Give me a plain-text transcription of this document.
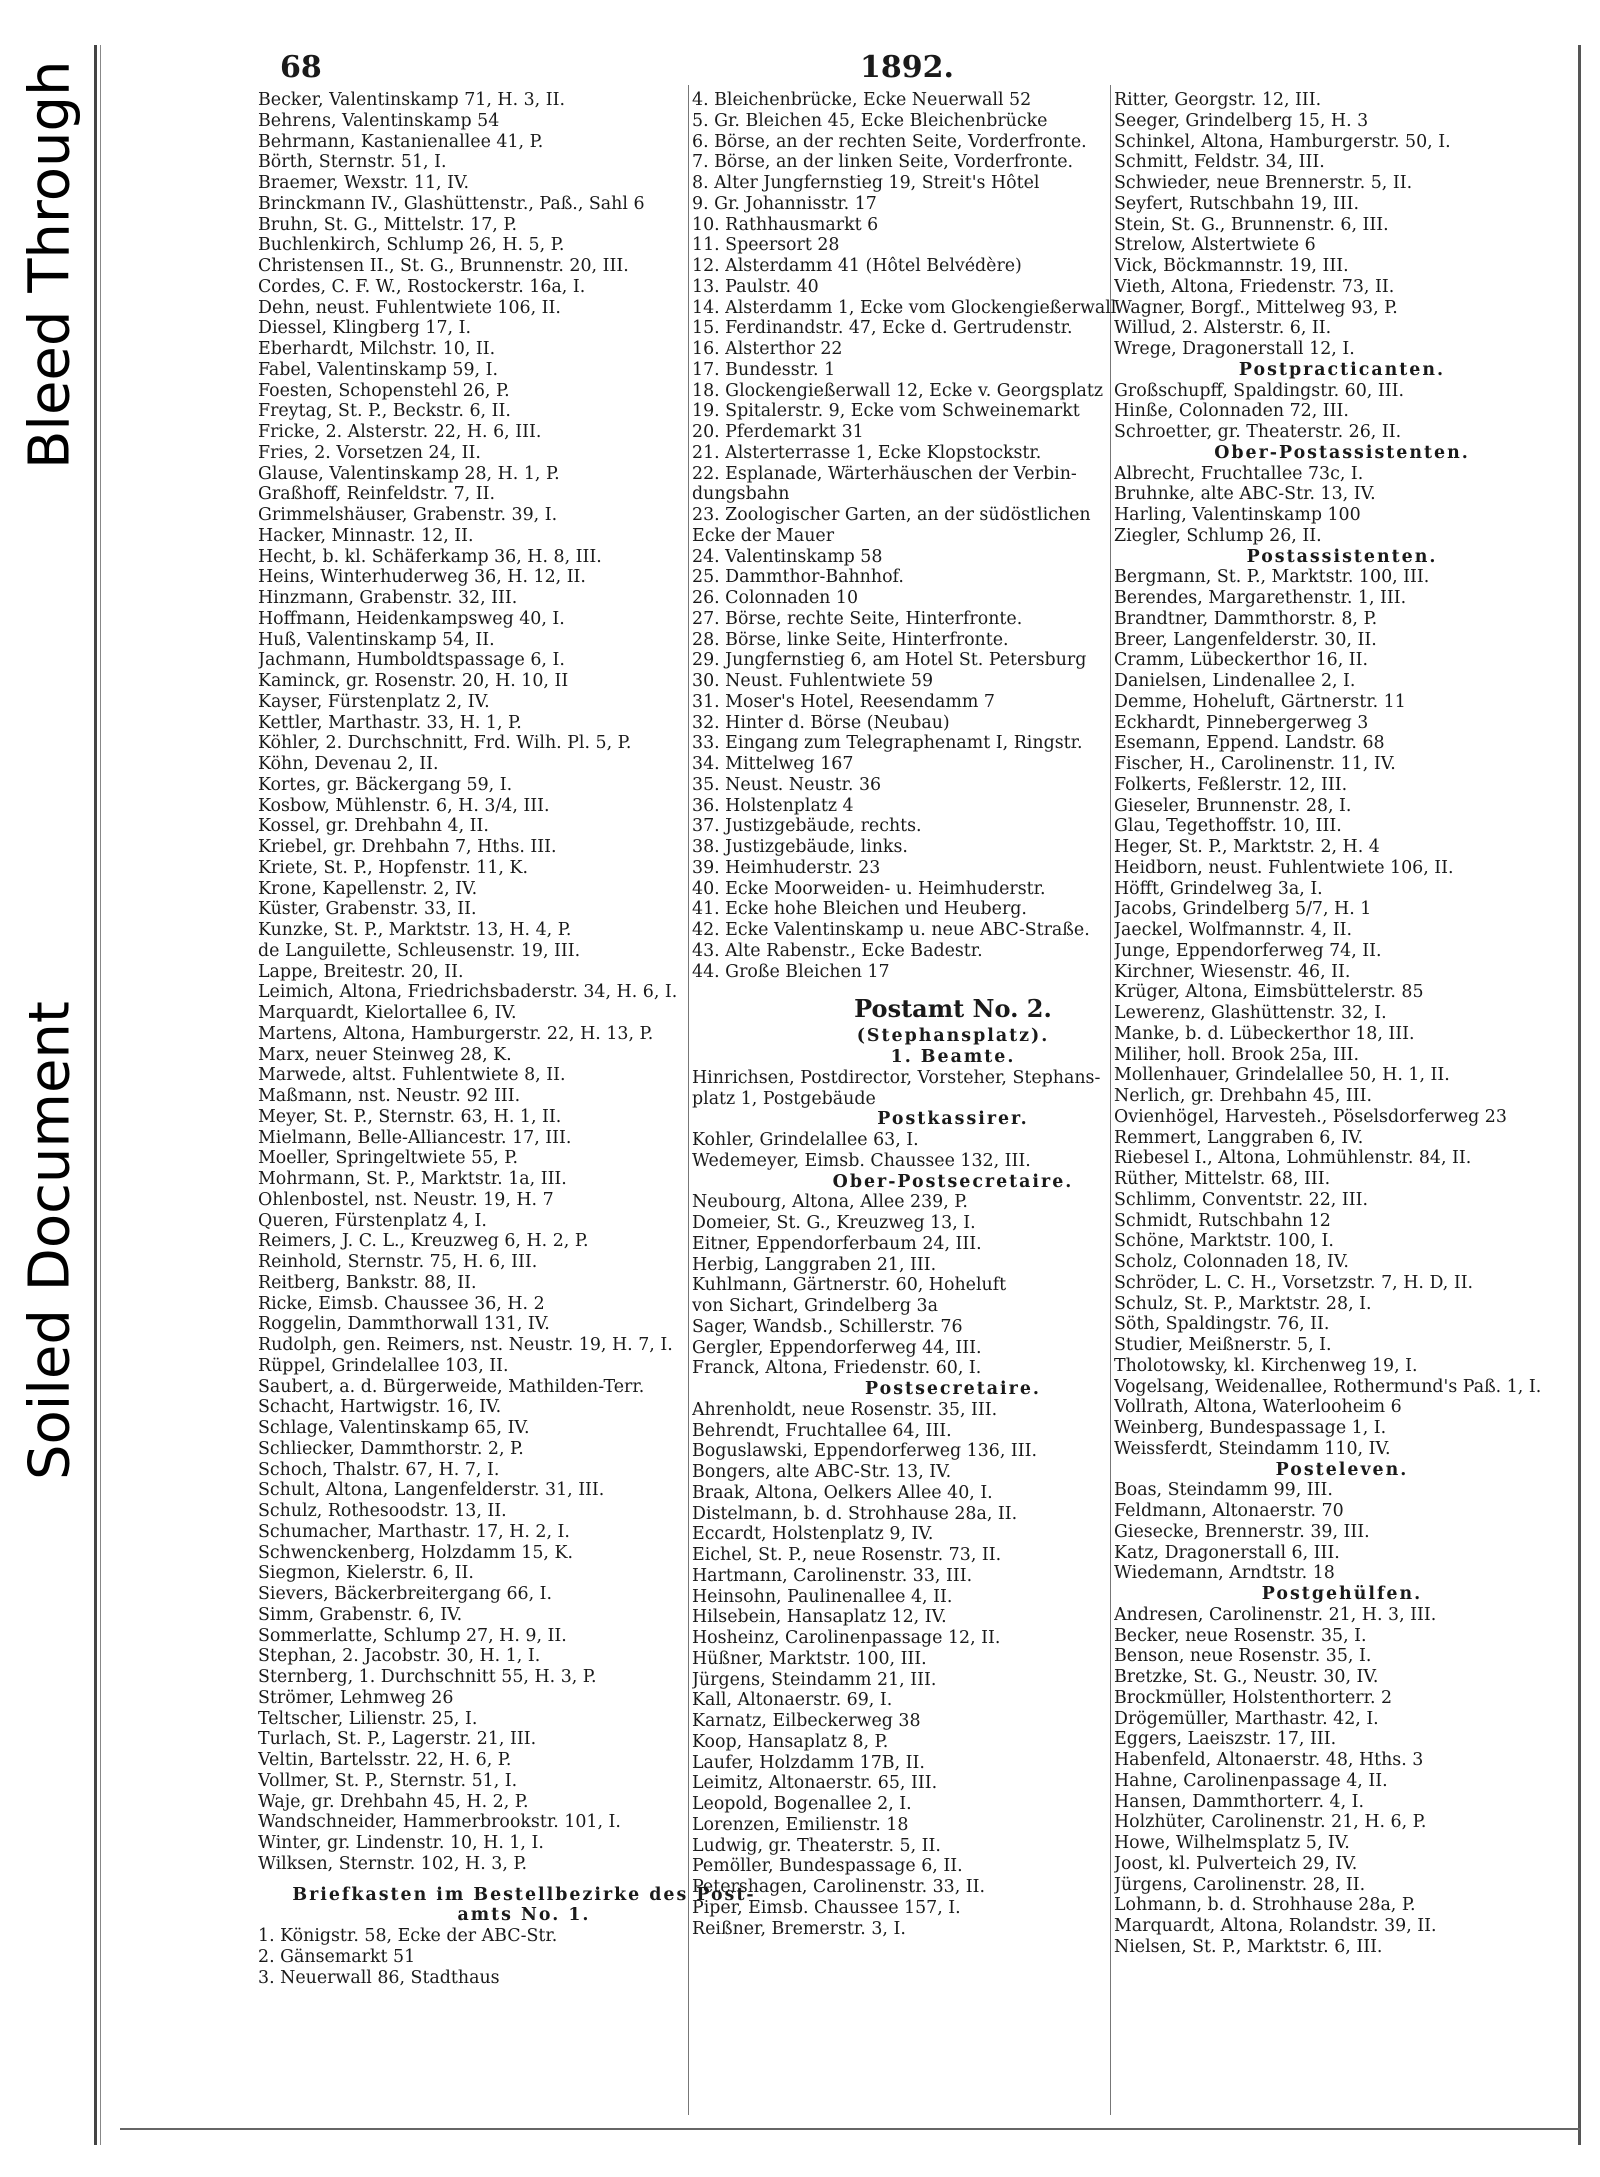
Soiled Document
Bleed Through	68	1892.
Becker, Valentinskamp 71, H. 3, II.
Behrens, Valentinskamp 54
Behrmann, Kastanienallee 41, P.
Börth, Sternstr. 51, I.
Braemer, Wexstr. 11, IV.
Brinckmann IV., Glashüttenstr., Paß., Sahl 6
Bruhn, St. G., Mittelstr. 17, P.
Buchlenkirch, Schlump 26, H. 5, P.
Christensen II., St. G., Brunnenstr. 20, III.
Cordes, C. F. W., Rostockerstr. 16a, I.
Dehn, neust. Fuhlentwiete 106, II.
Diessel, Klingberg 17, I.
Eberhardt, Milchstr. 10, II.
Fabel, Valentinskamp 59, I.
Foesten, Schopenstehl 26, P.
Freytag, St. P., Beckstr. 6, II.
Fricke, 2. Alsterstr. 22, H. 6, III.
Fries, 2. Vorsetzen 24, II.
Glause, Valentinskamp 28, H. 1, P.
Graßhoff, Reinfeldstr. 7, II.
Grimmelshäuser, Grabenstr. 39, I.
Hacker, Minnastr. 12, II.
Hecht, b. kl. Schäferkamp 36, H. 8, III.
Heins, Winterhuderweg 36, H. 12, II.
Hinzmann, Grabenstr. 32, III.
Hoffmann, Heidenkampsweg 40, I.
Huß, Valentinskamp 54, II.
Jachmann, Humboldtspassage 6, I.
Kaminck, gr. Rosenstr. 20, H. 10, II
Kayser, Fürstenplatz 2, IV.
Kettler, Marthastr. 33, H. 1, P.
Köhler, 2. Durchschnitt, Frd. Wilh. Pl. 5, P.
Köhn, Devenau 2, II.
Kortes, gr. Bäckergang 59, I.
Kosbow, Mühlenstr. 6, H. 3/4, III.
Kossel, gr. Drehbahn 4, II.
Kriebel, gr. Drehbahn 7, Hths. III.
Kriete, St. P., Hopfenstr. 11, K.
Krone, Kapellenstr. 2, IV.
Küster, Grabenstr. 33, II.
Kunzke, St. P., Marktstr. 13, H. 4, P.
de Languilette, Schleusenstr. 19, III.
Lappe, Breitestr. 20, II.
Leimich, Altona, Friedrichsbaderstr. 34, H. 6, I.
Marquardt, Kielortallee 6, IV.
Martens, Altona, Hamburgerstr. 22, H. 13, P.
Marx, neuer Steinweg 28, K.
Marwede, altst. Fuhlentwiete 8, II.
Maßmann, nst. Neustr. 92 III.
Meyer, St. P., Sternstr. 63, H. 1, II.
Mielmann, Belle-Alliancestr. 17, III.
Moeller, Springeltwiete 55, P.
Mohrmann, St. P., Marktstr. 1a, III.
Ohlenbostel, nst. Neustr. 19, H. 7
Queren, Fürstenplatz 4, I.
Reimers, J. C. L., Kreuzweg 6, H. 2, P.
Reinhold, Sternstr. 75, H. 6, III.
Reitberg, Bankstr. 88, II.
Ricke, Eimsb. Chaussee 36, H. 2
Roggelin, Dammthorwall 131, IV.
Rudolph, gen. Reimers, nst. Neustr. 19, H. 7, I.
Rüppel, Grindelallee 103, II.
Saubert, a. d. Bürgerweide, Mathilden-Terr.
Schacht, Hartwigstr. 16, IV.
Schlage, Valentinskamp 65, IV.
Schliecker, Dammthorstr. 2, P.
Schoch, Thalstr. 67, H. 7, I.
Schult, Altona, Langenfelderstr. 31, III.
Schulz, Rothesoodstr. 13, II.
Schumacher, Marthastr. 17, H. 2, I.
Schwenckenberg, Holzdamm 15, K.
Siegmon, Kielerstr. 6, II.
Sievers, Bäckerbreitergang 66, I.
Simm, Grabenstr. 6, IV.
Sommerlatte, Schlump 27, H. 9, II.
Stephan, 2. Jacobstr. 30, H. 1, I.
Sternberg, 1. Durchschnitt 55, H. 3, P.
Strömer, Lehmweg 26
Teltscher, Lilienstr. 25, I.
Turlach, St. P., Lagerstr. 21, III.
Veltin, Bartelsstr. 22, H. 6, P.
Vollmer, St. P., Sternstr. 51, I.
Waje, gr. Drehbahn 45, H. 2, P.
Wandschneider, Hammerbrookstr. 101, I.
Winter, gr. Lindenstr. 10, H. 1, I.
Wilksen, Sternstr. 102, H. 3, P.
Briefkasten im Bestellbezirke des Post-
amts No. 1.
1. Königstr. 58, Ecke der ABC-Str.
2. Gänsemarkt 51
3. Neuerwall 86, Stadthaus
4. Bleichenbrücke, Ecke Neuerwall 52
5. Gr. Bleichen 45, Ecke Bleichenbrücke
6. Börse, an der rechten Seite, Vorderfronte.
7. Börse, an der linken Seite, Vorderfronte.
8. Alter Jungfernstieg 19, Streit's Hôtel
9. Gr. Johannisstr. 17
10. Rathhausmarkt 6
11. Speersort 28
12. Alsterdamm 41 (Hôtel Belvédère)
13. Paulstr. 40
14. Alsterdamm 1, Ecke vom Glockengießerwall
15. Ferdinandstr. 47, Ecke d. Gertrudenstr.
16. Alsterthor 22
17. Bundesstr. 1
18. Glockengießerwall 12, Ecke v. Georgsplatz
19. Spitalerstr. 9, Ecke vom Schweinemarkt
20. Pferdemarkt 31
21. Alsterterrasse 1, Ecke Klopstockstr.
22. Esplanade, Wärterhäuschen der Verbin-
dungsbahn
23. Zoologischer Garten, an der südöstlichen
Ecke der Mauer
24. Valentinskamp 58
25. Dammthor-Bahnhof.
26. Colonnaden 10
27. Börse, rechte Seite, Hinterfronte.
28. Börse, linke Seite, Hinterfronte.
29. Jungfernstieg 6, am Hotel St. Petersburg
30. Neust. Fuhlentwiete 59
31. Moser's Hotel, Reesendamm 7
32. Hinter d. Börse (Neubau)
33. Eingang zum Telegraphenamt I, Ringstr.
34. Mittelweg 167
35. Neust. Neustr. 36
36. Holstenplatz 4
37. Justizgebäude, rechts.
38. Justizgebäude, links.
39. Heimhuderstr. 23
40. Ecke Moorweiden- u. Heimhuderstr.
41. Ecke hohe Bleichen und Heuberg.
42. Ecke Valentinskamp u. neue ABC-Straße.
43. Alte Rabenstr., Ecke Badestr.
44. Große Bleichen 17
Postamt No. 2.
(Stephansplatz).
1. Beamte.
Hinrichsen, Postdirector, Vorsteher, Stephans-
platz 1, Postgebäude
Postkassirer.
Kohler, Grindelallee 63, I.
Wedemeyer, Eimsb. Chaussee 132, III.
Ober-Postsecretaire.
Neubourg, Altona, Allee 239, P.
Domeier, St. G., Kreuzweg 13, I.
Eitner, Eppendorferbaum 24, III.
Herbig, Langgraben 21, III.
Kuhlmann, Gärtnerstr. 60, Hoheluft
von Sichart, Grindelberg 3a
Sager, Wandsb., Schillerstr. 76
Gergler, Eppendorferweg 44, III.
Franck, Altona, Friedenstr. 60, I.
Postsecretaire.
Ahrenholdt, neue Rosenstr. 35, III.
Behrendt, Fruchtallee 64, III.
Boguslawski, Eppendorferweg 136, III.
Bongers, alte ABC-Str. 13, IV.
Braak, Altona, Oelkers Allee 40, I.
Distelmann, b. d. Strohhause 28a, II.
Eccardt, Holstenplatz 9, IV.
Eichel, St. P., neue Rosenstr. 73, II.
Hartmann, Carolinenstr. 33, III.
Heinsohn, Paulinenallee 4, II.
Hilsebein, Hansaplatz 12, IV.
Hosheinz, Carolinenpassage 12, II.
Hüßner, Marktstr. 100, III.
Jürgens, Steindamm 21, III.
Kall, Altonaerstr. 69, I.
Karnatz, Eilbeckerweg 38
Koop, Hansaplatz 8, P.
Laufer, Holzdamm 17B, II.
Leimitz, Altonaerstr. 65, III.
Leopold, Bogenallee 2, I.
Lorenzen, Emilienstr. 18
Ludwig, gr. Theaterstr. 5, II.
Pemöller, Bundespassage 6, II.
Petershagen, Carolinenstr. 33, II.
Piper, Eimsb. Chaussee 157, I.
Reißner, Bremerstr. 3, I.
Ritter, Georgstr. 12, III.
Seeger, Grindelberg 15, H. 3
Schinkel, Altona, Hamburgerstr. 50, I.
Schmitt, Feldstr. 34, III.
Schwieder, neue Brennerstr. 5, II.
Seyfert, Rutschbahn 19, III.
Stein, St. G., Brunnenstr. 6, III.
Strelow, Alstertwiete 6
Vick, Böckmannstr. 19, III.
Vieth, Altona, Friedenstr. 73, II.
Wagner, Borgf., Mittelweg 93, P.
Willud, 2. Alsterstr. 6, II.
Wrege, Dragonerstall 12, I.
Postpracticanten.
Großschupff, Spaldingstr. 60, III.
Hinße, Colonnaden 72, III.
Schroetter, gr. Theaterstr. 26, II.
Ober-Postassistenten.
Albrecht, Fruchtallee 73c, I.
Bruhnke, alte ABC-Str. 13, IV.
Harling, Valentinskamp 100
Ziegler, Schlump 26, II.
Postassistenten.
Bergmann, St. P., Marktstr. 100, III.
Berendes, Margarethenstr. 1, III.
Brandtner, Dammthorstr. 8, P.
Breer, Langenfelderstr. 30, II.
Cramm, Lübeckerthor 16, II.
Danielsen, Lindenallee 2, I.
Demme, Hoheluft, Gärtnerstr. 11
Eckhardt, Pinnebergerweg 3
Esemann, Eppend. Landstr. 68
Fischer, H., Carolinenstr. 11, IV.
Folkerts, Feßlerstr. 12, III.
Gieseler, Brunnenstr. 28, I.
Glau, Tegethoffstr. 10, III.
Heger, St. P., Marktstr. 2, H. 4
Heidborn, neust. Fuhlentwiete 106, II.
Höfft, Grindelweg 3a, I.
Jacobs, Grindelberg 5/7, H. 1
Jaeckel, Wolfmannstr. 4, II.
Junge, Eppendorferweg 74, II.
Kirchner, Wiesenstr. 46, II.
Krüger, Altona, Eimsbüttelerstr. 85
Lewerenz, Glashüttenstr. 32, I.
Manke, b. d. Lübeckerthor 18, III.
Miliher, holl. Brook 25a, III.
Mollenhauer, Grindelallee 50, H. 1, II.
Nerlich, gr. Drehbahn 45, III.
Ovienhögel, Harvesteh., Pöselsdorferweg 23
Remmert, Langgraben 6, IV.
Riebesel I., Altona, Lohmühlenstr. 84, II.
Rüther, Mittelstr. 68, III.
Schlimm, Conventstr. 22, III.
Schmidt, Rutschbahn 12
Schöne, Marktstr. 100, I.
Scholz, Colonnaden 18, IV.
Schröder, L. C. H., Vorsetzstr. 7, H. D, II.
Schulz, St. P., Marktstr. 28, I.
Söth, Spaldingstr. 76, II.
Studier, Meißnerstr. 5, I.
Tholotowsky, kl. Kirchenweg 19, I.
Vogelsang, Weidenallee, Rothermund's Paß. 1, I.
Vollrath, Altona, Waterlooheim 6
Weinberg, Bundespassage 1, I.
Weissferdt, Steindamm 110, IV.
Posteleven.
Boas, Steindamm 99, III.
Feldmann, Altonaerstr. 70
Giesecke, Brennerstr. 39, III.
Katz, Dragonerstall 6, III.
Wiedemann, Arndtstr. 18
Postgehülfen.
Andresen, Carolinenstr. 21, H. 3, III.
Becker, neue Rosenstr. 35, I.
Benson, neue Rosenstr. 35, I.
Bretzke, St. G., Neustr. 30, IV.
Brockmüller, Holstenthorterr. 2
Drögemüller, Marthastr. 42, I.
Eggers, Laeiszstr. 17, III.
Habenfeld, Altonaerstr. 48, Hths. 3
Hahne, Carolinenpassage 4, II.
Hansen, Dammthorterr. 4, I.
Holzhüter, Carolinenstr. 21, H. 6, P.
Howe, Wilhelmsplatz 5, IV.
Joost, kl. Pulverteich 29, IV.
Jürgens, Carolinenstr. 28, II.
Lohmann, b. d. Strohhause 28a, P.
Marquardt, Altona, Rolandstr. 39, II.
Nielsen, St. P., Marktstr. 6, III.
